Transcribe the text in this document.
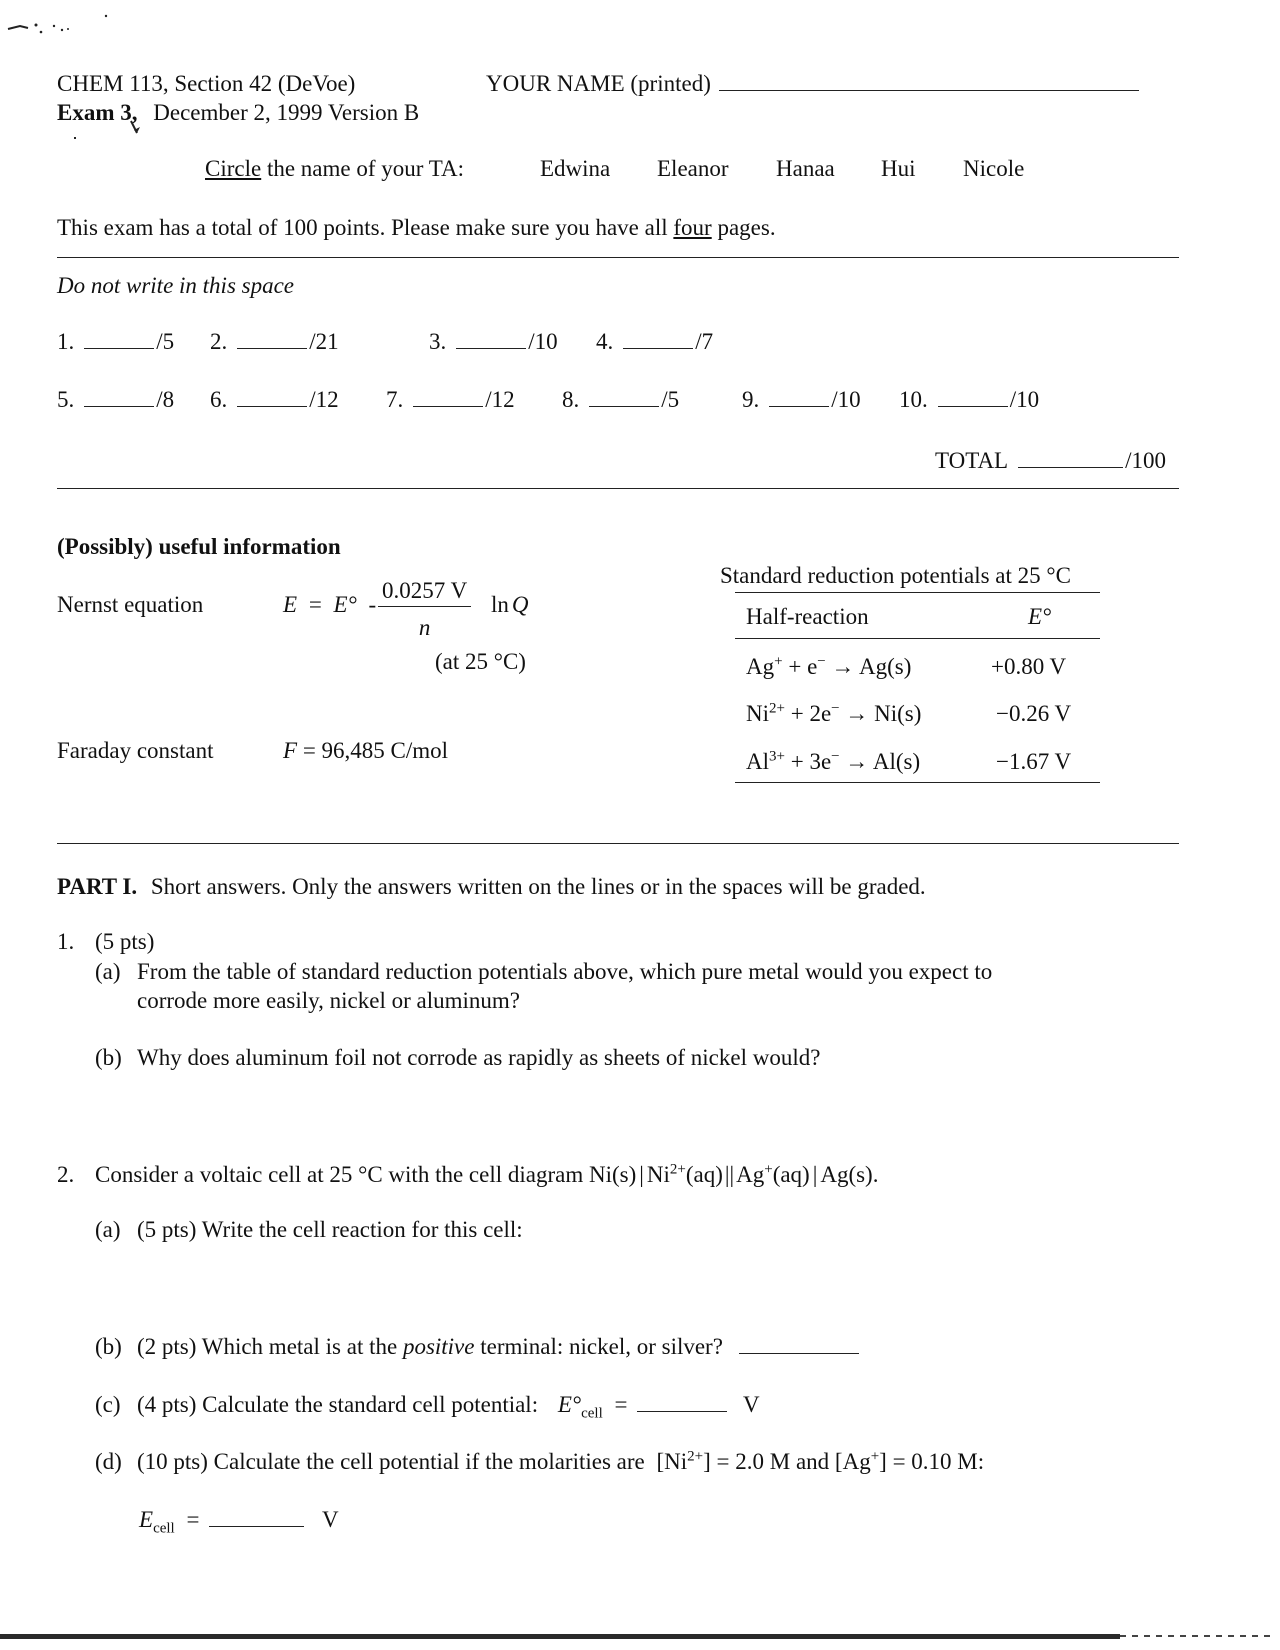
CHEM 113, Section 42 (DeVoe)	YOUR NAME (printed)
Exam 3, December 2, 1999 Version B
Circle the name of your TA:	Edwina Eleanor Hanaa Hui Nicole
This exam has a total of 100 points. Please make sure you have all four pages.
Do not write in this space
1.	/5 2.	/21	3.	/10 4.	/7
5.	/8 6.	/12 7.	/12 8.	/5	9.	/10 10.	/10
TOTAL	/100
(Possibly) useful information
Nernst equation	$E = E^\circ - \frac{0.0257 V}{n}$ ln Q
(at 25 °C)
Faraday constant	F = 96,485 C/mol
Standard reduction potentials at 25 °C
Half-reaction	E°
Ag+ + e− → Ag(s)	+0.80 V
$Ni^{2+} + 2e^- \to Ni(s)$	−0.26 V
$Al^{3+} + 3e^- \to Al(s)$	−1.67 V
PART I. Short answers. Only the answers written on the lines or in the spaces will be graded.
1. (5 pts)
(a) From the table of standard reduction potentials above, which pure metal would you expect to
corrode more easily, nickel or aluminum?
(b) Why does aluminum foil not corrode as rapidly as sheets of nickel would?
2. Consider a voltaic cell at 25 °C with the cell diagram Ni(s) | $Ni^{2+}(aq)||Ag^+(aq)$ | Ag(s).
(a) (5 pts) Write the cell reaction for this cell:
(b) (2 pts) Which metal is at the positive terminal: nickel, or silver?
(c) (4 pts) Calculate the standard cell potential: $E^\circ_{cell}$ =	V
(d) (10 pts) Calculate the cell potential if the molarities are $[Ni^{2+}] = 2.0$ M and [Ag+] = 0.10 M:
$E_{cell}$ =	V
